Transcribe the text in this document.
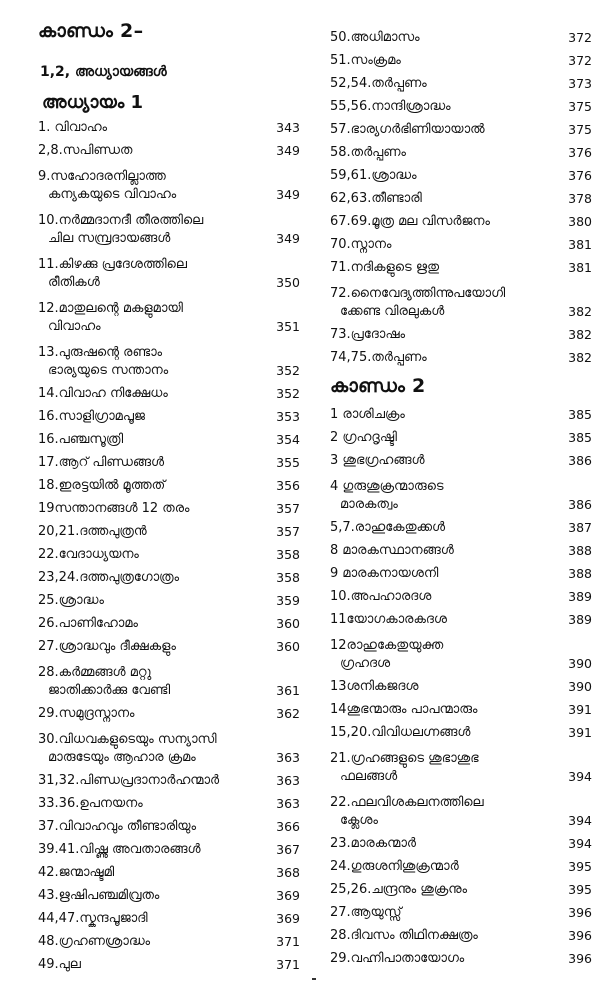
കാണ്ഡം 2–
1,2, അധ്യായങ്ങൾ
അധ്യായം 1
1. വിവാഹം	343
2,8.സപിണ്ഡത	349
9.സഹോദരനില്ലാത്ത
കന്യകയുടെ വിവാഹം	349
10.നർമ്മദാനദീ തീരത്തിലെ
ചില സമ്പ്രദായങ്ങൾ	349
11.കിഴക്കു പ്രദേശത്തിലെ
രീതികൾ	350
12.മാതുലന്റെ മകളുമായി
വിവാഹം	351
13.പുരുഷന്റെ രണ്ടാം
ഭാര്യയുടെ സന്താനം	352
14.വിവാഹ നിക്ഷേധം	352
16.സാളിഗ്രാമപൂജ	353
16.പഞ്ചസൂത്രി	354
17.ആറ് പിണ്ഡങ്ങൾ	355
18.ഇരട്ടയിൽ മൂത്തത്	356
19സന്താനങ്ങൾ 12 തരം	357
20,21.ദത്തപുത്രൻ	357
22.വേദാധ്യയനം	358
23,24.ദത്തപുത്രഗോത്രം	358
25.ശ്രാദ്ധം	359
26.പാണിഹോമം	360
27.ശ്രാദ്ധവും ദീക്ഷകളും	360
28.കർമ്മങ്ങൾ മറ്റു
ജാതിക്കാർക്കു വേണ്ടി	361
29.സമുദ്രസ്നാനം	362
30.വിധവകളുടെയും സന്യാസി
മാരുടേയും ആഹാര ക്രമം	363
31,32.പിണ്ഡപ്രദാനാർഹന്മാർ	363
33.36.ഉപനയനം	363
37.വിവാഹവും തീണ്ടാരിയും	366
39.41.വിഷ്ണു അവതാരങ്ങൾ	367
42.ജന്മാഷ്ടമി	368
43.ഋഷിപഞ്ചമിവ്രതം	369
44,47.സ്കന്ദപൂജാദി	369
48.ഗ്രഹണശ്രാദ്ധം	371
49.പുല	371
50.അധിമാസം	372
51.സംക്രമം	372
52,54.തർപ്പണം	373
55,56.നാന്ദിശ്രാദ്ധം	375
57.ഭാര്യഗർഭിണിയായാൽ	375
58.തർപ്പണം	376
59,61.ശ്രാദ്ധം	376
62,63.തീണ്ടാരി	378
67.69.മൂത്ര മല വിസർജനം	380
70.സ്നാനം	381
71.നദികളുടെ ഋതു	381
72.നൈവേദ്യത്തിന്നുപയോഗി
ക്കേണ്ട വിരലുകൾ	382
73.പ്രദോഷം	382
74,75.തർപ്പണം	382
കാണ്ഡം 2
1 രാശിചക്രം	385
2 ഗ്രഹദൃഷ്ടി	385
3 ശുഭഗ്രഹങ്ങൾ	386
4 ഗുരുശുക്രന്മാരുടെ
മാരകത്വം	386
5,7.രാഹുകേതുക്കൾ	387
8 മാരകസ്ഥാനങ്ങൾ	388
9 മാരകനായശനി	388
10.അപഹാരദശ	389
11യോഗകാരകദശ	389
12രാഹുകേതുയുക്ത
ഗ്രഹദശ	390
13ശനികജദശ	390
14ശുഭന്മാരും പാപന്മാരും	391
15,20.വിവിധലഗ്നങ്ങൾ	391
21.ഗ്രഹങ്ങളുടെ ശുഭാശുഭ
ഫലങ്ങൾ	394
22.ഫലവിശകലനത്തിലെ
ക്ലേശം	394
23.മാരകന്മാർ	394
24.ഗുരുശനിശുക്രന്മാർ	395
25,26.ചന്ദ്രനും ശുക്രനും	395
27.ആയുസ്സ്	396
28.ദിവസം തിഥിനക്ഷത്രം	396
29.വഹ്നിപാതായോഗം	396
